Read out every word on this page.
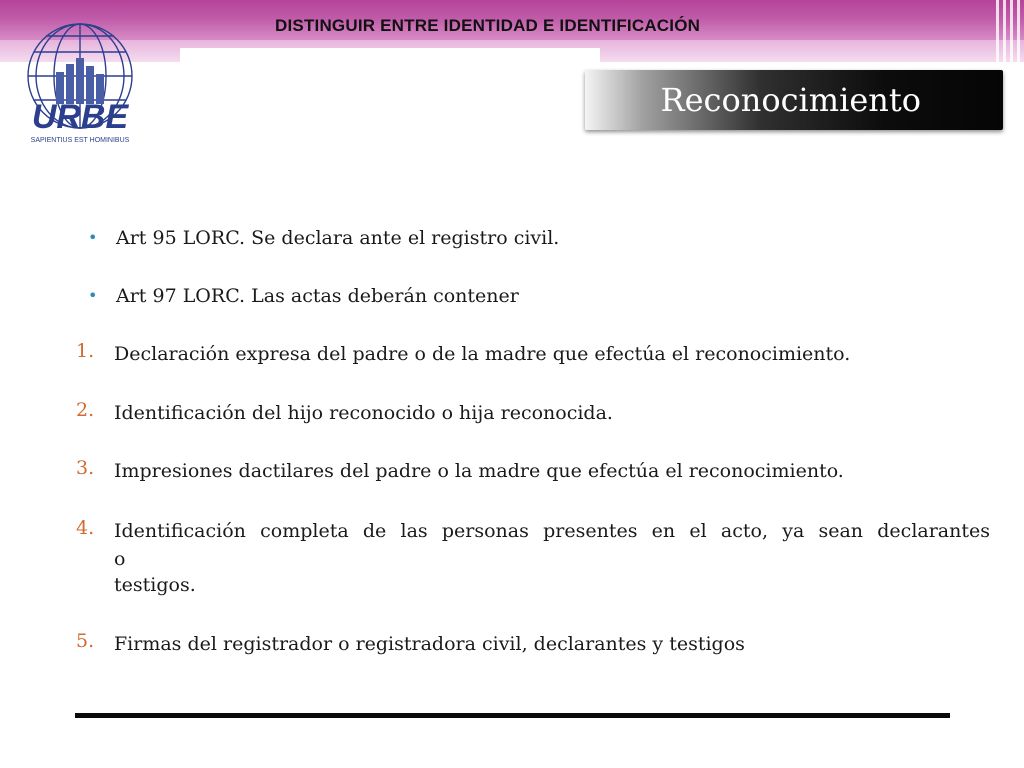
DISTINGUIR ENTRE IDENTIDAD E IDENTIFICACIÓN
URBE
SAPIENTIUS EST HOMINIBUS
Reconocimiento
• Art 95 LORC. Se declara ante el registro civil.
• Art 97 LORC. Las actas deberán contener
1. Declaración expresa del padre o de la madre que efectúa el reconocimiento.
2. Identificación del hijo reconocido o hija reconocida.
3. Impresiones dactilares del padre o la madre que efectúa el reconocimiento.
4. Identificación completa de las personas presentes en el acto, ya sean declarantes o
testigos.
5. Firmas del registrador o registradora civil, declarantes y testigos
